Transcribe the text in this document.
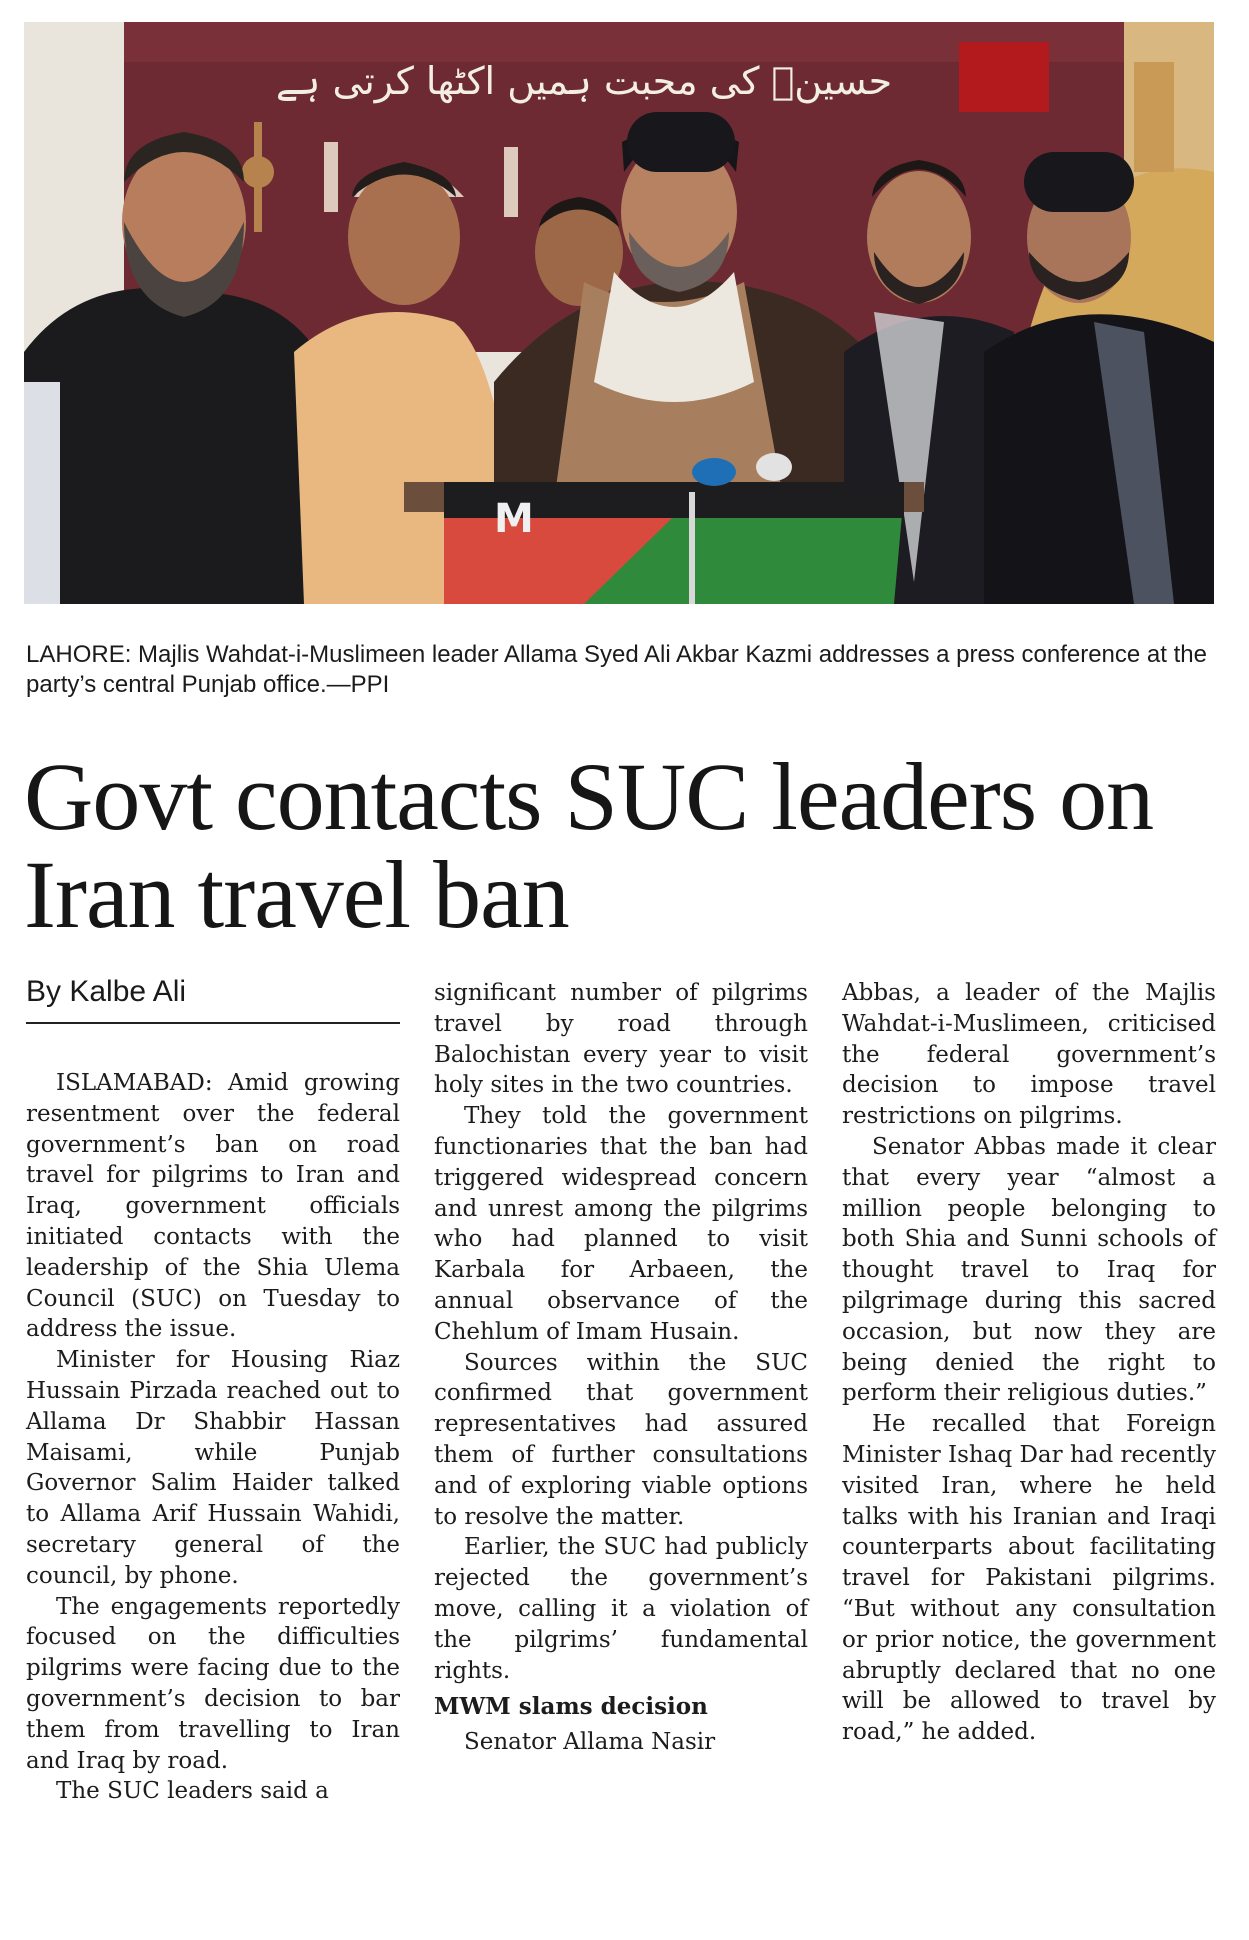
حسینؑ کی محبت ہمیں اکٹھا کرتی ہے
M
LAHORE: Majlis Wahdat-i-Muslimeen leader Allama Syed Ali Akbar Kazmi addresses a press conference at the party’s central Punjab office.—PPI
Govt contacts SUC leaders on Iran travel ban
By Kalbe Ali

ISLAMABAD: Amid growing resentment over the federal government’s ban on road travel for pilgrims to Iran and Iraq, government officials initiated contacts with the leadership of the Shia Ulema Council (SUC) on Tuesday to address the issue.

Minister for Housing Riaz Hussain Pirzada reached out to Allama Dr Shabbir Hassan Maisami, while Punjab Governor Salim Haider talked to Allama Arif Hussain Wahidi, secretary general of the council, by phone.

The engagements reportedly focused on the difficulties pilgrims were facing due to the government’s decision to bar them from travelling to Iran and Iraq by road.

The SUC leaders said a

significant number of pilgrims travel by road through Balochistan every year to visit holy sites in the two countries.

They told the government functionaries that the ban had triggered widespread concern and unrest among the pilgrims who had planned to visit Karbala for Arbaeen, the annual observance of the Chehlum of Imam Husain.

Sources within the SUC confirmed that government representatives had assured them of further consultations and of exploring viable options to resolve the matter.

Earlier, the SUC had publicly rejected the government’s move, calling it a violation of the pilgrims’ fundamental rights.

MWM slams decision

Senator Allama Nasir

Abbas, a leader of the Majlis Wahdat-i-Muslimeen, criticised the federal government’s decision to impose travel restrictions on pilgrims.

Senator Abbas made it clear that every year “almost a million people belonging to both Shia and Sunni schools of thought travel to Iraq for pilgrimage during this sacred occasion, but now they are being denied the right to perform their religious duties.”

He recalled that Foreign Minister Ishaq Dar had recently visited Iran, where he held talks with his Iranian and Iraqi counterparts about facilitating travel for Pakistani pilgrims. “But without any consultation or prior notice, the government abruptly declared that no one will be allowed to travel by road,” he added.
